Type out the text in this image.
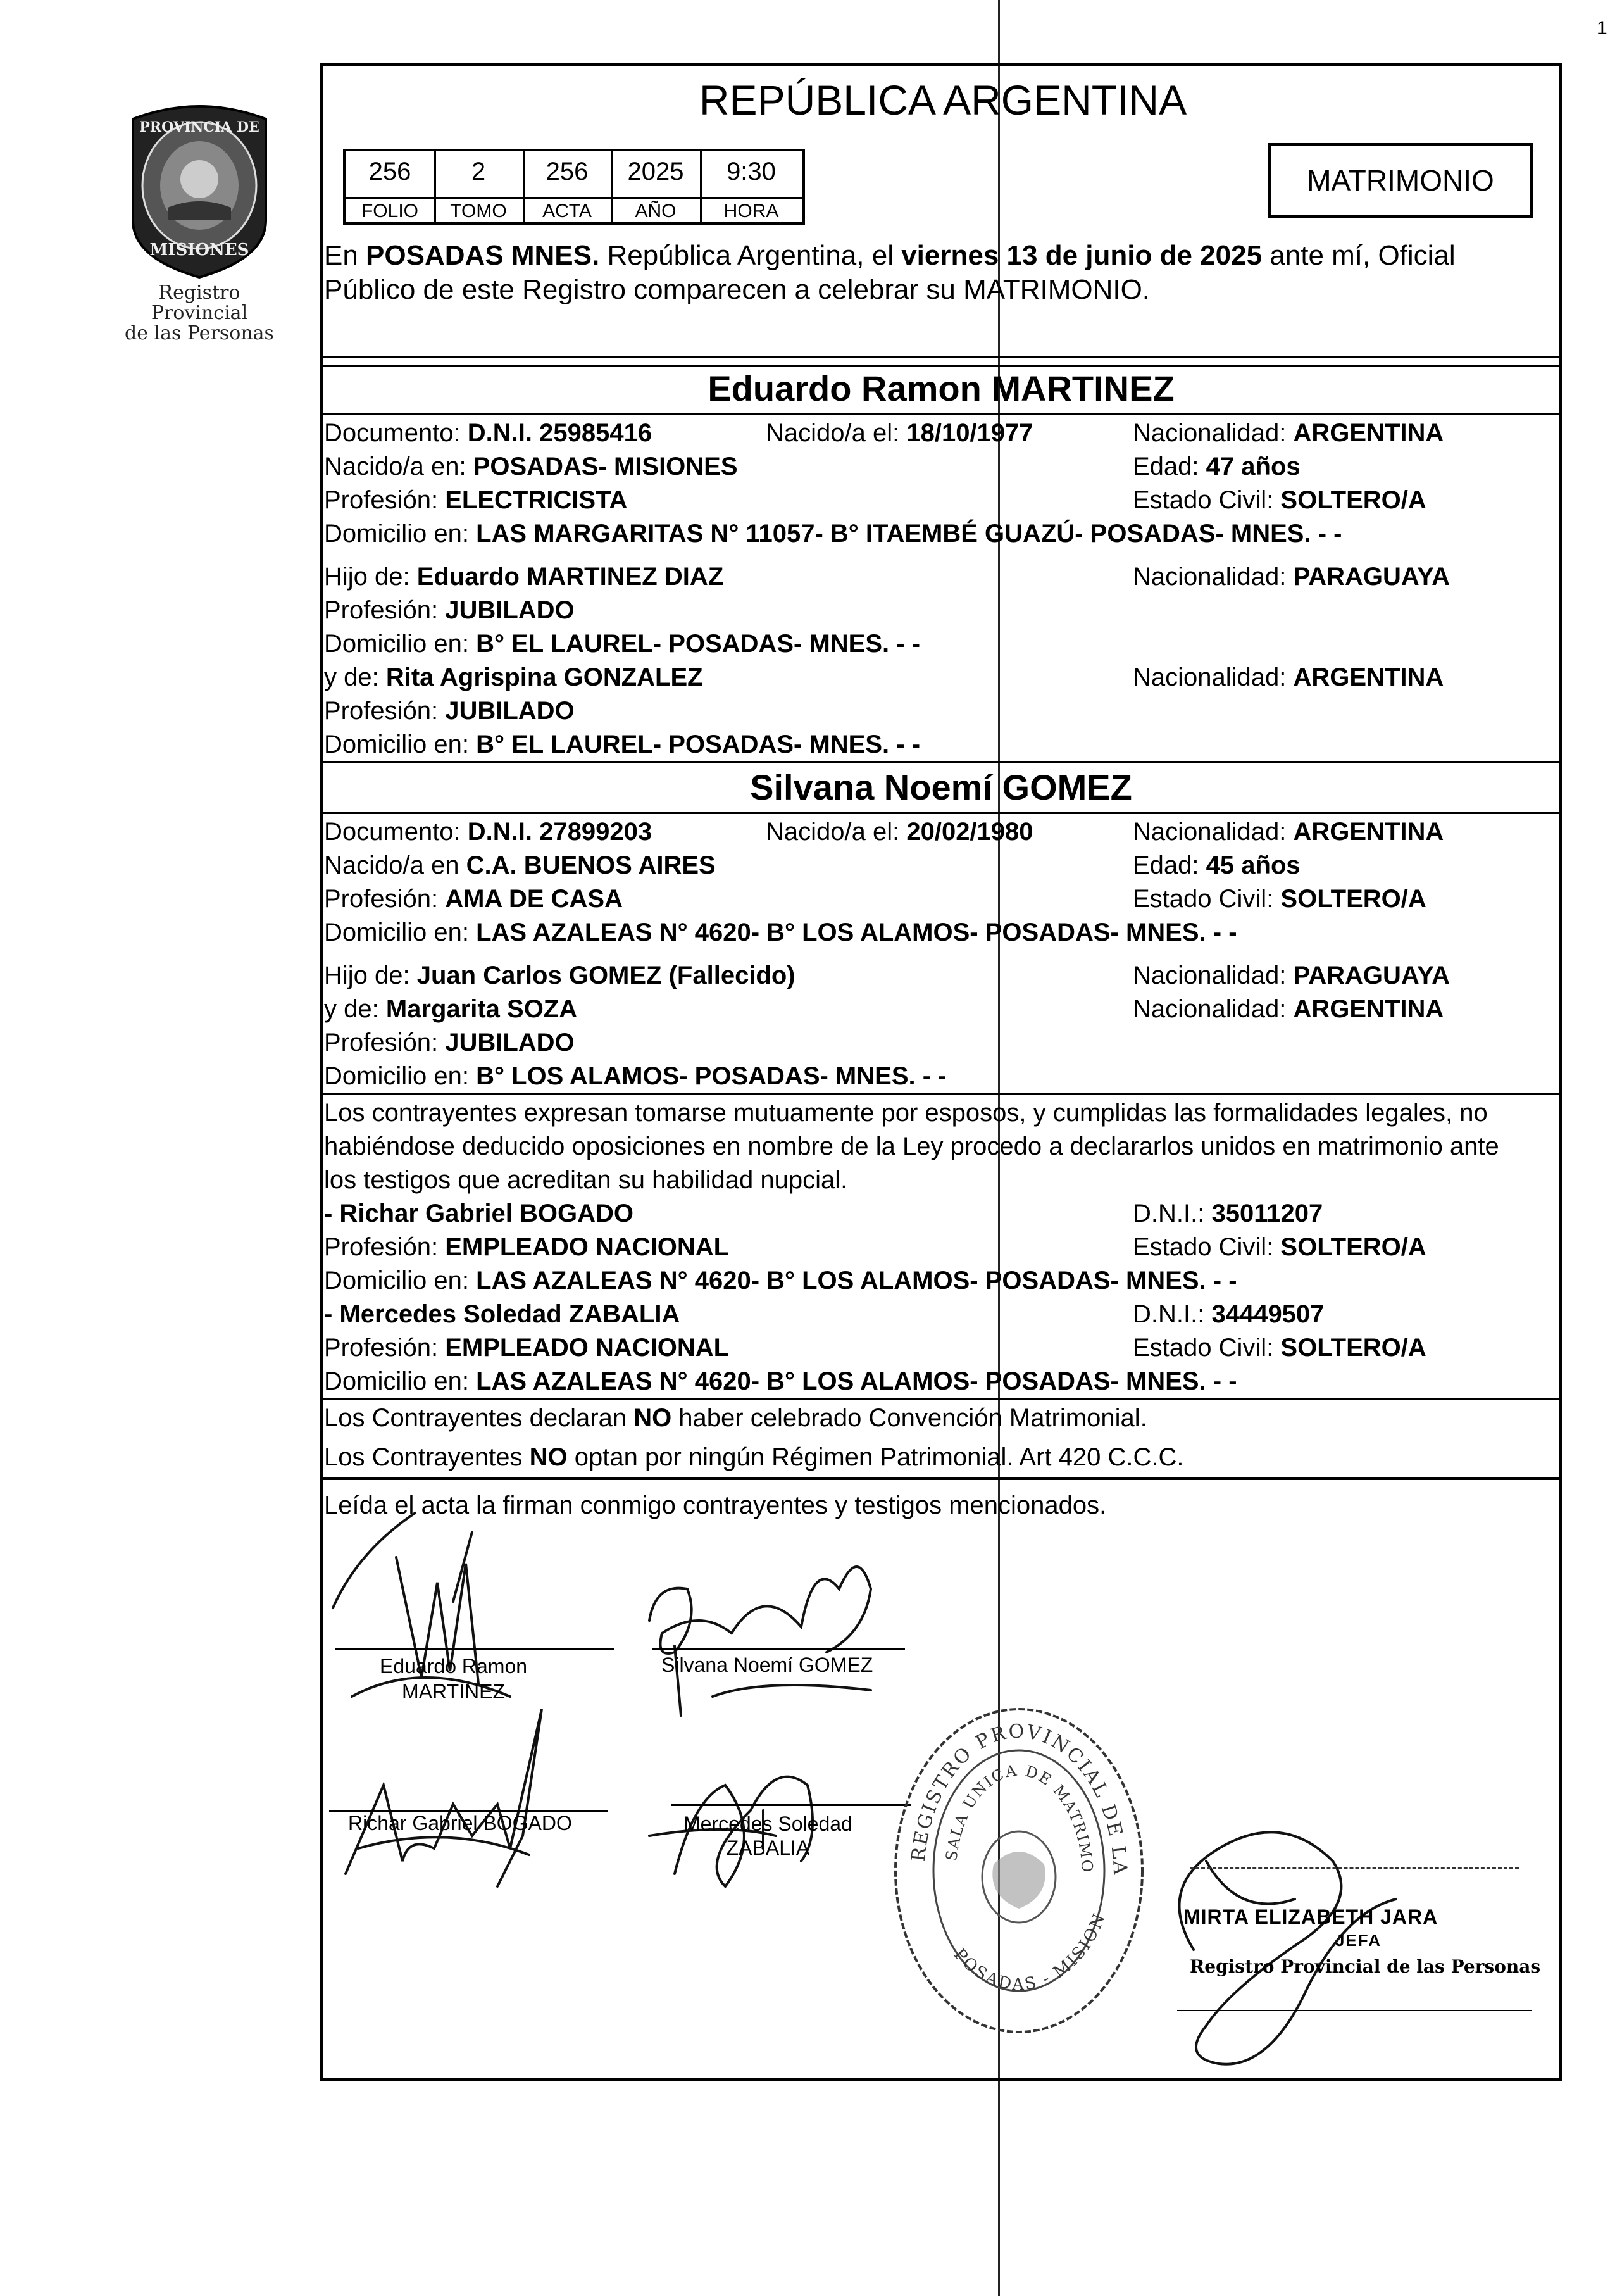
1
PROVINCIA DE
MISIONES
Registro Provincial
de las Personas
REPÚBLICA ARGENTINA
MATRIMONIO
256	2	256	2025	9:30
FOLIO	TOMO	ACTA	AÑO	HORA
En POSADAS MNES. República Argentina, el viernes 13 de junio de 2025 ante mí, Oficial
Público de este Registro comparecen a celebrar su MATRIMONIO.
Eduardo Ramon MARTINEZ
Documento: D.N.I. 25985416	Nacido/a el: 18/10/1977	Nacionalidad: ARGENTINA
Nacido/a en: POSADAS- MISIONES	Edad: 47 años
Profesión: ELECTRICISTA	Estado Civil: SOLTERO/A
Domicilio en: LAS MARGARITAS N° 11057- B° ITAEMBÉ GUAZÚ- POSADAS- MNES. - -
Hijo de: Eduardo MARTINEZ DIAZ	Nacionalidad: PARAGUAYA
Profesión: JUBILADO
Domicilio en: B° EL LAUREL- POSADAS- MNES. - -
y de: Rita Agrispina GONZALEZ	Nacionalidad: ARGENTINA
Profesión: JUBILADO
Domicilio en: B° EL LAUREL- POSADAS- MNES. - -
Silvana Noemí GOMEZ
Documento: D.N.I. 27899203	Nacido/a el: 20/02/1980	Nacionalidad: ARGENTINA
Nacido/a en C.A. BUENOS AIRES	Edad: 45 años
Profesión: AMA DE CASA	Estado Civil: SOLTERO/A
Domicilio en: LAS AZALEAS N° 4620- B° LOS ALAMOS- POSADAS- MNES. - -
Hijo de: Juan Carlos GOMEZ (Fallecido)	Nacionalidad: PARAGUAYA
y de: Margarita SOZA	Nacionalidad: ARGENTINA
Profesión: JUBILADO
Domicilio en: B° LOS ALAMOS- POSADAS- MNES. - -
Los contrayentes expresan tomarse mutuamente por esposos, y cumplidas las formalidades legales, no
habiéndose deducido oposiciones en nombre de la Ley procedo a declararlos unidos en matrimonio ante
los testigos que acreditan su habilidad nupcial.
- Richar Gabriel BOGADO	D.N.I.: 35011207
Profesión: EMPLEADO NACIONAL	Estado Civil: SOLTERO/A
Domicilio en: LAS AZALEAS N° 4620- B° LOS ALAMOS- POSADAS- MNES. - -
- Mercedes Soledad ZABALIA	D.N.I.: 34449507
Profesión: EMPLEADO NACIONAL	Estado Civil: SOLTERO/A
Domicilio en: LAS AZALEAS N° 4620- B° LOS ALAMOS- POSADAS- MNES. - -
Los Contrayentes declaran NO haber celebrado Convención Matrimonial.
Los Contrayentes NO optan por ningún Régimen Patrimonial. Art 420 C.C.C.
Leída el acta la firman conmigo contrayentes y testigos mencionados.
Eduardo Ramon
MARTINEZ
Silvana Noemí GOMEZ
Richar Gabriel BOGADO	Mercedes Soledad
ZABALIA	REGISTRO PROVINCIAL DE LA
SALA UNICA DE MATRIMO
POSADAS - MISION	MIRTA ELIZABETH JARA
JEFA
Registro Provincial de las Personas
